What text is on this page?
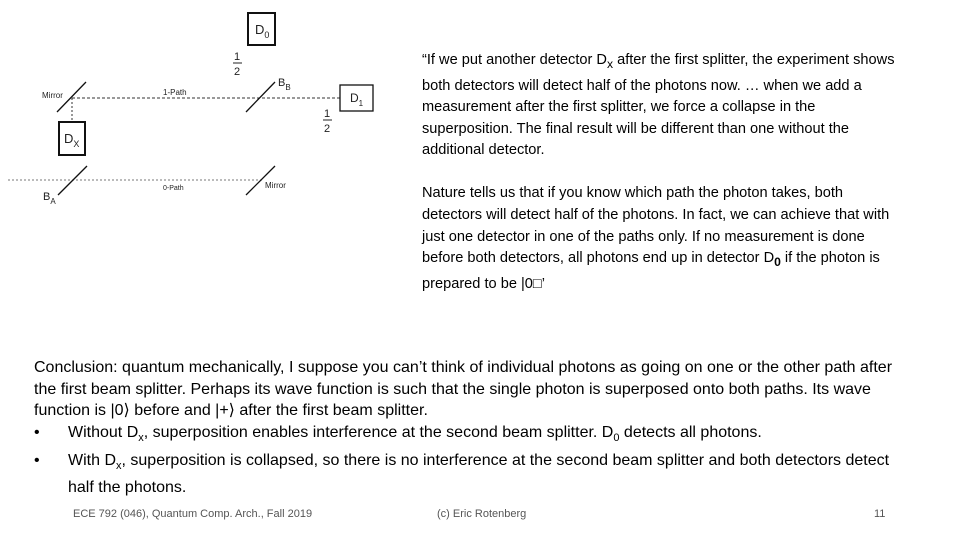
$D_0$
$D_1$
$D_X$
$B_A$
$B_B$
Mirror
Mirror
1-Path
0-Path
1
2
1
2

“If we put another detector $D_x$ after the first splitter, the experiment shows both detectors will detect half of the photons now. … when we add a measurement after the first splitter, we force a collapse in the superposition. The final result will be different than one without the additional detector.

Nature tells us that if you know which path the photon takes, both detectors will detect half of the photons. In fact, we can achieve that with just one detector in one of the paths only. If no measurement is done before both detectors, all photons end up in detector $D_0$ if the photon is prepared to be |0□’

Conclusion: quantum mechanically, I suppose you can’t think of individual photons as going on one or the other path after the first beam splitter. Perhaps its wave function is such that the single photon is superposed onto both paths. Its wave function is |0⟩ before and |+⟩ after the first beam splitter.

• Without $D_x$, superposition enables interference at the second beam splitter. $D_0$ detects all photons.
• With $D_x$, superposition is collapsed, so there is no interference at the second beam splitter and both detectors detect half the photons.
ECE 792 (046), Quantum Comp. Arch., Fall 2019	(c) Eric Rotenberg	11
